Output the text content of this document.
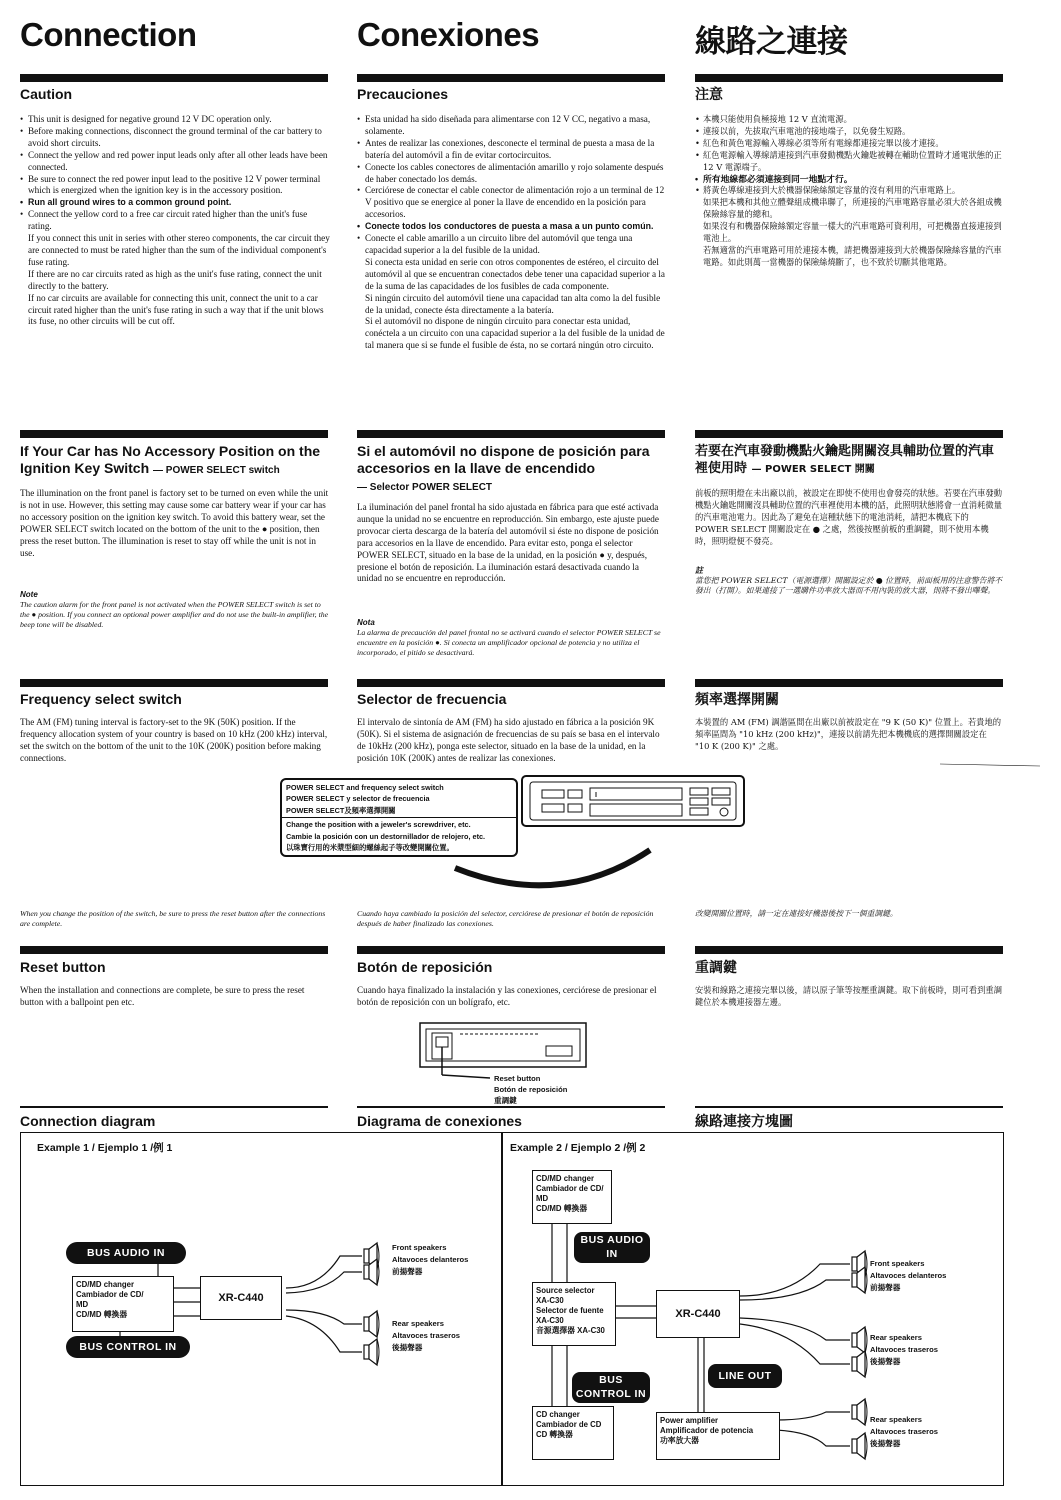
Connection	Conexiones	線路之連接
Caution	Precauciones	注意
• This unit is designed for negative ground 12 V DC operation only.
• Before making connections, disconnect the ground terminal of the car battery to avoid short circuits.
• Connect the yellow and red power input leads only after all other leads have been connected.
• Be sure to connect the red power input lead to the positive 12 V power terminal which is energized when the ignition key is in the accessory position.
• Run all ground wires to a common ground point.
• Connect the yellow cord to a free car circuit rated higher than the unit's fuse rating.

If you connect this unit in series with other stereo components, the car circuit they are connected to must be rated higher than the sum of the individual component's fuse rating.

If there are no car circuits rated as high as the unit's fuse rating, connect the unit directly to the battery.

If no car circuits are available for connecting this unit, connect the unit to a car circuit rated higher than the unit's fuse rating in such a way that if the unit blows its fuse, no other circuits will be cut off.

• Esta unidad ha sido diseñada para alimentarse con 12 V CC, negativo a masa, solamente.
• Antes de realizar las conexiones, desconecte el terminal de puesta a masa de la batería del automóvil a fin de evitar cortocircuitos.
• Conecte los cables conectores de alimentación amarillo y rojo solamente después de haber conectado los demás.
• Cerciórese de conectar el cable conector de alimentación rojo a un terminal de 12 V positivo que se energice al poner la llave de encendido en la posición para accesorios.
• Conecte todos los conductores de puesta a masa a un punto común.
• Conecte el cable amarillo a un circuito libre del automóvil que tenga una capacidad superior a la del fusible de la unidad.

Si conecta esta unidad en serie con otros componentes de estéreo, el circuito del automóvil al que se encuentran conectados debe tener una capacidad superior a la de la suma de las capacidades de los fusibles de cada componente.

Si ningún circuito del automóvil tiene una capacidad tan alta como la del fusible de la unidad, conecte ésta directamente a la batería.

Si el automóvil no dispone de ningún circuito para conectar esta unidad, conéctela a un circuito con una capacidad superior a la del fusible de la unidad de tal manera que si se funde el fusible de ésta, no se cortará ningún otro circuito.

• 本機只能使用負極接地 12 V 直流電源。
• 連接以前，先拔取汽車電池的接地端子，以免發生短路。
• 紅色和黃色電源輸入導線必須等所有電線都連接完畢以後才連接。
• 紅色電源輸入導線請連接到汽車發動機點火鑰匙被轉在輔助位置時才通電狀態的正 12 V 電源端子。
• 所有地線都必須連接到同一地點才行。
• 將黃色導線連接到大於機器保險絲額定容量的沒有利用的汽車電路上。

如果把本機和其他立體聲組成機串聯了，所連接的汽車電路容量必須大於各組成機保險絲容量的總和。

如果沒有和機器保險絲額定容量一樣大的汽車電路可資利用，可把機器直接連接到電池上。

若無適當的汽車電路可用於連接本機，請把機器連接到大於機器保險絲容量的汽車電路。如此則萬一當機器的保險絲燒斷了，也不致於切斷其他電路。

If Your Car has No Accessory Position on the Ignition Key Switch — POWER SELECT switch
Si el automóvil no dispone de posición para accesorios en la llave de encendido
— Selector POWER SELECT
若要在汽車發動機點火鑰匙開關沒具輔助位置的汽車裡使用時 — POWER SELECT 開關
The illumination on the front panel is factory set to be turned on even while the unit is not in use. However, this setting may cause some car battery wear if your car has no accessory position on the ignition key switch. To avoid this battery wear, set the POWER SELECT switch located on the bottom of the unit to the ● position, then press the reset button. The illumination is reset to stay off while the unit is not in use.
La iluminación del panel frontal ha sido ajustada en fábrica para que esté activada aunque la unidad no se encuentre en reproducción. Sin embargo, este ajuste puede provocar cierta descarga de la batería del automóvil si éste no dispone de posición para accesorios en la llave de encendido. Para evitar esto, ponga el selector POWER SELECT, situado en la base de la unidad, en la posición ● y, después, presione el botón de reposición. La iluminación estará desactivada cuando la unidad no se encuentre en reproducción.
前板的照明燈在未出廠以前，被設定在即使不使用也會發亮的狀態。若要在汽車發動機點火鑰匙開關沒具輔助位置的汽車裡使用本機的話，此照明狀態將會一直消耗微量的汽車電池電力。因此為了避免在這種狀態下的電池消耗，請把本機底下的 POWER SELECT 開關設定在 ● 之處，然後按壓前板的重調鍵，則不使用本機時，照明燈便不發亮。
Note
The caution alarm for the front panel is not activated when the POWER SELECT switch is set to the ● position. If you connect an optional power amplifier and do not use the built-in amplifier, the beep tone will be disabled.	Nota
La alarma de precaución del panel frontal no se activará cuando el selector POWER SELECT se encuentre en la posición ●. Si conecta un amplificador opcional de potencia y no utiliza el incorporado, el pitido se desactivará.
註
當您把 POWER SELECT（電源選擇）開關設定於 ● 位置時，前面板用的注意警告將不發出（打開）。如果連接了一選購件功率放大器而不用內裝的放大器，則將不發出嗶聲。
Frequency select switch	Selector de frecuencia	頻率選擇開關
The AM (FM) tuning interval is factory-set to the 9K (50K) position. If the frequency allocation system of your country is based on 10 kHz (200 kHz) interval, set the switch on the bottom of the unit to the 10K (200K) position before making connections.
El intervalo de sintonía de AM (FM) ha sido ajustado en fábrica a la posición 9K (50K). Si el sistema de asignación de frecuencias de su país se basa en el intervalo de 10kHz (200 kHz), ponga este selector, situado en la base de la unidad, en la posición 10K (200K) antes de realizar las conexiones.
本裝置的 AM (FM) 調諧區間在出廠以前被設定在 "9 K (50 K)" 位置上。若貴地的頻率區間為 "10 kHz (200 kHz)"，連接以前請先把本機機底的選擇開關設定在 "10 K (200 K)" 之處。
POWER SELECT and frequency select switch
POWER SELECT y selector de frecuencia
POWER SELECT及頻率選擇開關
Change the position with a jeweler's screwdriver, etc.
Cambie la posición con un destornillador de relojero, etc.
以珠寶行用的米漿型細的螺絲起子等改變開關位置。
When you change the position of the switch, be sure to press the reset button after the connections are complete.
Cuando haya cambiado la posición del selector, cerciórese de presionar el botón de reposición después de haber finalizado las conexiones.
改變開關位置時，請一定在連接好機器後按下一個重調鍵。
Reset button	Botón de reposición	重調鍵
When the installation and connections are complete, be sure to press the reset button with a ballpoint pen etc.
Cuando haya finalizado la instalación y las conexiones, cerciórese de presionar el botón de reposición con un bolígrafo, etc.
安裝和線路之連接完畢以後，請以原子筆等按壓重調鍵。取下前板時，則可看到重調鍵位於本機連接器左邊。
Reset button
Botón de reposición
重調鍵
Connection diagram	Diagrama de conexiones	線路連接方塊圖
Example 1 / Ejemplo 1 /例 1	Example 2 / Ejemplo 2 /例 2
BUS AUDIO IN
CD/MD changer
Cambiador de CD/
MD
CD/MD 轉換器
BUS CONTROL IN
XR-C440
Front speakers
Altavoces delanteros
前揚聲器
Rear speakers
Altavoces traseros
後揚聲器
CD/MD changer
Cambiador de CD/
MD
CD/MD 轉換器
BUS AUDIO
IN
Source selector
XA-C30
Selector de fuente
XA-C30
音源選擇器 XA-C30
BUS
CONTROL IN
CD changer
Cambiador de CD
CD 轉換器
XR-C440
LINE OUT
Power amplifier
Amplificador de potencia
功率放大器
Front speakers
Altavoces delanteros
前揚聲器
Rear speakers
Altavoces traseros
後揚聲器
Rear speakers
Altavoces traseros
後揚聲器
